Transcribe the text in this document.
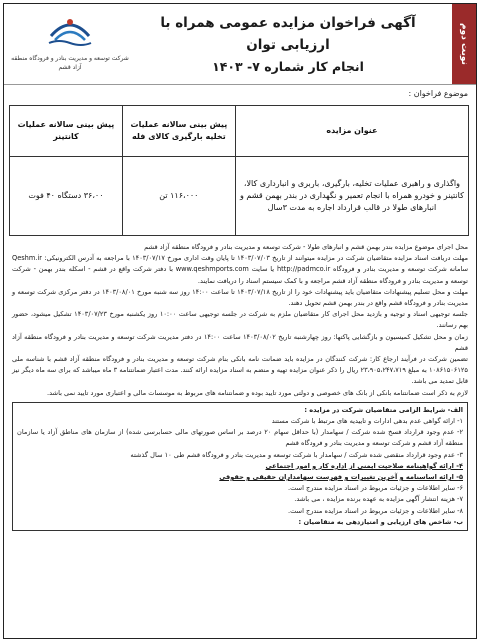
نوبت دوم

آگهی فراخوان مزایده عمومی همراه با ارزیابی توان

انجام کار شماره ۷- ۱۴۰۳

شرکت توسعه و مدیریت بنادر و فرودگاه منطقه آزاد قشم
موضوع فراخوان :
عنوان مزایده	پیش بینی سالانه عملیات تخلیه بارگیری کالای فله	پیش بینی سالانه عملیات کانتینر
واگذاری و راهبری عملیات تخلیه، بارگیری، باربری و انبارداری کالا، کانتینر و خودرو همراه با انجام تعمیر و نگهداری در بندر بهمن قشم و انبارهای طولا در قالب قرارداد اجاره به مدت ۳سال	۱۱۶،۰۰۰ تن	۳۶،۰۰ دستگاه ۴۰ فوت

محل اجرای موضوع مزایده بندر بهمن قشم و انبارهای طولا - شرکت توسعه و مدیریت بنادر و فرودگاه منطقه آزاد قشم

مهلت دریافت اسناد مزایده متقاضیان شرکت در مزایده میتوانند از تاریخ ۱۴۰۳/۰۷/۰۳ تا پایان وقت اداری مورخ ۱۴۰۳/۰۷/۱۷ با مراجعه به آدرس الکترونیکی: Qeshm.ir سامانه شرکت توسعه و مدیریت بنادر و فرودگاه http://padmco.ir یا سایت www.qeshmports.com با دفتر شرکت واقع در قشم - اسکله بندر بهمن - شرکت توسعه و مدیریت بنادر و فرودگاه منطقه آزاد قشم مراجعه و با کمک سیستم اسناد را دریافت نمایند.

مهلت و محل تسلیم پیشنهادات متقاضیان باید پیشنهادات خود را از تاریخ ۱۴۰۳/۰۷/۱۸ تا ساعت ۱۴:۰۰ روز سه شنبه مورخ ۱۴۰۳/۰۸/۰۱ در دفتر مرکزی شرکت توسعه و مدیریت بنادر و فرودگاه قشم واقع در بندر بهمن قشم تحویل دهند.

جلسه توجیهی اسناد و توجیه و بازدید محل اجرای کار متقاضیان ملزم به شرکت در جلسه توجیهی ساعت ۱۰:۰۰ روز یکشنبه مورخ ۱۴۰۳/۰۷/۲۳ تشکیل میشود، حضور بهم رسانند.

زمان و محل تشکیل کمیسیون و بازگشایی پاکتها: روز چهارشنبه تاریخ ۱۴۰۳/۰۸/۰۲ ساعت ۱۴:۰۰ در دفتر مدیریت شرکت توسعه و مدیریت بنادر و فرودگاه منطقه آزاد قشم

تضمین شرکت در فرآیند ارجاع کار: شرکت کنندگان در مزایده باید ضمانت نامه بانکی بنام شرکت توسعه و مدیریت بنادر و فرودگاه منطقه آزاد قشم با شناسه ملی ۱۰۸۶۱۵۰۶۱۲۵ به مبلغ ۲۳،۹۰۵،۲۴۷،۷۱۹ ریال را ذکر عنوان مزایده تهیه و منضم به اسناد مزایده ارائه کنند. مدت اعتبار ضمانتنامه ۳ ماه میباشد که برای سه ماه دیگر نیز قابل تمدید می باشد.

لازم به ذکر است ضمانتنامه بانکی از بانک های خصوصی و دولتی مورد تایید بوده و ضمانتنامه های مربوط به موسسات مالی و اعتباری مورد تایید نمی باشد.

الف- شرایط الزامی متقاضیان شرکت در مزایده :

۱- ارائه گواهی عدم بدهی ادارات و تاییدیه های مرتبط با شرکت مستند

۲- عدم وجود قرارداد فسخ شده شرکت / سهامدار (با حداقل سهام ۲۰ درصد بر اساس صورتهای مالی حسابرسی شده) از سازمان های مناطق آزاد یا سازمان منطقه آزاد قشم و شرکت توسعه و مدیریت بنادر و فرودگاه قشم

۳- عدم وجود قرارداد منقضی شده شرکت / سهامدار با شرکت توسعه و مدیریت بنادر و فرودگاه قشم طی ۱۰ سال گذشته

۴- ارائه گواهینامه صلاحیت ایمنی از اداره کار و امور اجتماعی

۵- ارائه اساسنامه و آخرین تغییرات و فهرست سهامداران حقیقی و حقوقی

۶- سایر اطلاعات و جزئیات مربوط در اسناد مزایده مندرج است.

۷- هزینه انتشار آگهی مزایده به عهده برنده مزایده ، می باشد.

۸- سایر اطلاعات و جزئیات مربوط در اسناد مزایده مندرج است.

ب- شاخص های ارزیابی و امتیازدهی به متقاضیان :
